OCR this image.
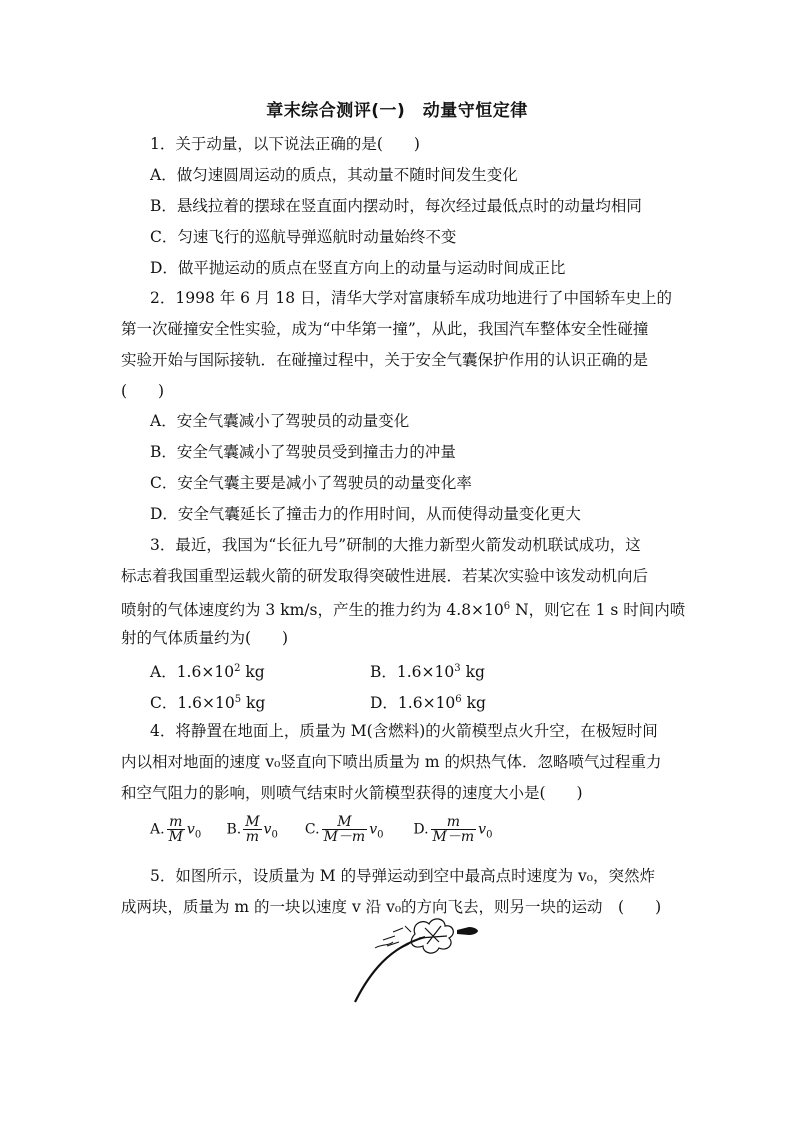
章末综合测评(一)　动量守恒定律
1．关于动量，以下说法正确的是(　　)
A．做匀速圆周运动的质点，其动量不随时间发生变化
B．悬线拉着的摆球在竖直面内摆动时，每次经过最低点时的动量均相同
C．匀速飞行的巡航导弹巡航时动量始终不变
D．做平抛运动的质点在竖直方向上的动量与运动时间成正比
2．1998 年 6 月 18 日，清华大学对富康轿车成功地进行了中国轿车史上的
第一次碰撞安全性实验，成为“中华第一撞”，从此，我国汽车整体安全性碰撞
实验开始与国际接轨．在碰撞过程中，关于安全气囊保护作用的认识正确的是
(　　)
A．安全气囊减小了驾驶员的动量变化
B．安全气囊减小了驾驶员受到撞击力的冲量
C．安全气囊主要是减小了驾驶员的动量变化率
D．安全气囊延长了撞击力的作用时间，从而使得动量变化更大
3．最近，我国为“长征九号”研制的大推力新型火箭发动机联试成功，这
标志着我国重型运载火箭的研发取得突破性进展．若某次实验中该发动机向后
喷射的气体速度约为 3 km/s，产生的推力约为 $4.8\times 10^6$ N，则它在 1 s 时间内喷
射的气体质量约为(　　)
A．$1.6\times 10^2$ kg	B．$1.6\times 10^3$ kg
C．$1.6\times 10^5$ kg	D．$1.6\times 10^6$ kg
4．将静置在地面上，质量为 M(含燃料)的火箭模型点火升空，在极短时间
内以相对地面的速度 v₀竖直向下喷出质量为 m 的炽热气体．忽略喷气过程重力
和空气阻力的影响，则喷气结束时火箭模型获得的速度大小是(　　)
A. $\frac{m}{M} v_0$ B. $\frac{M}{m} v_0$ C. $\frac{M}{M-m} v_0$ D. $\frac{m}{M-m} v_0$
5．如图所示，设质量为 M 的导弹运动到空中最高点时速度为 v₀，突然炸
成两块，质量为 m 的一块以速度 v 沿 v₀的方向飞去，则另一块的运动　(　　)
